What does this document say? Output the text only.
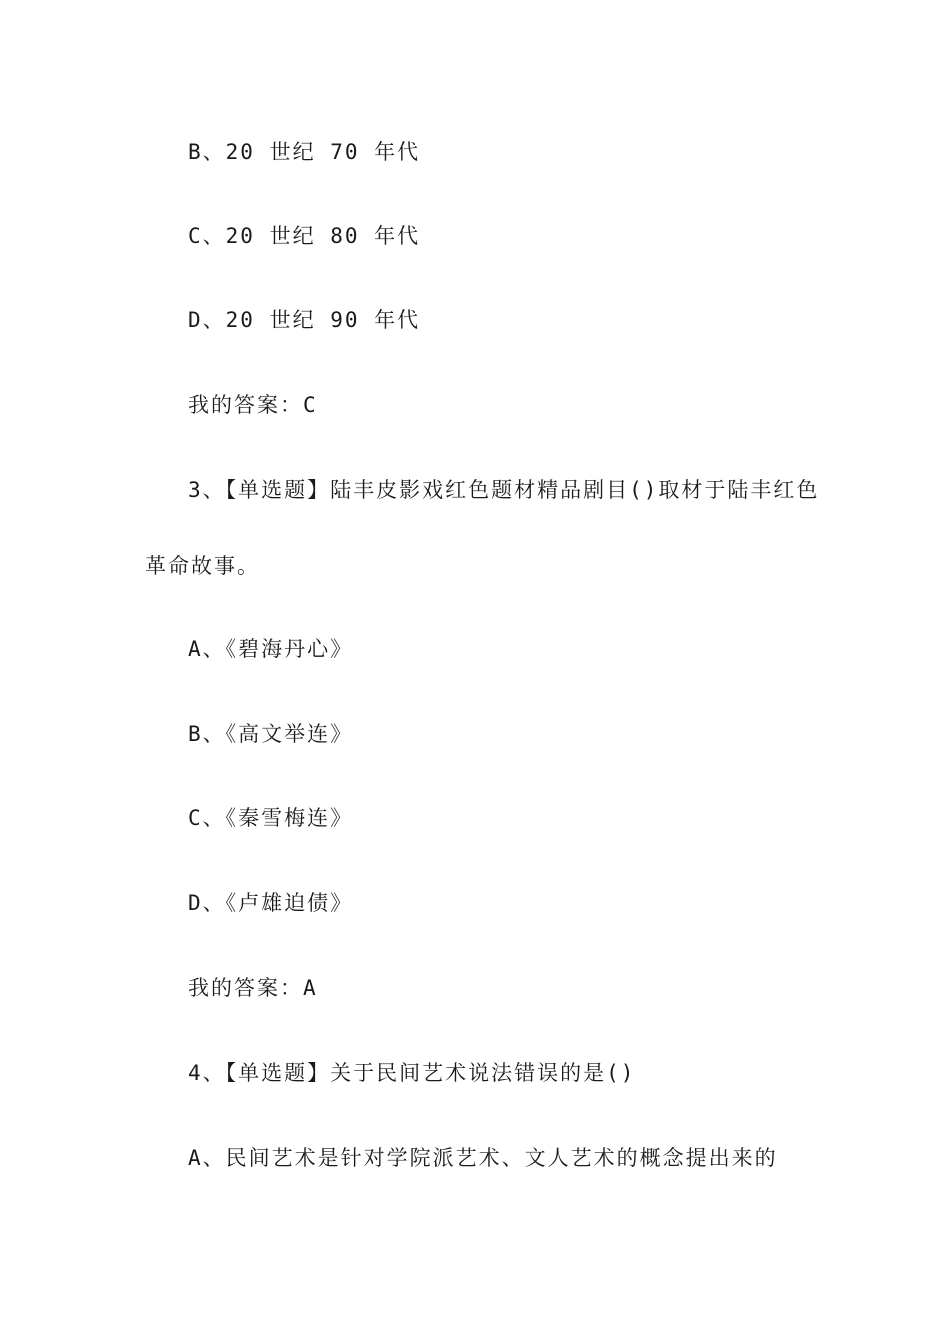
B、20 世纪 70 年代
C、20 世纪 80 年代
D、20 世纪 90 年代
我的答案：C
3、【单选题】陆丰皮影戏红色题材精品剧目()取材于陆丰红色
革命故事。
A、《碧海丹心》
B、《高文举连》
C、《秦雪梅连》
D、《卢雄迫债》
我的答案：A
4、【单选题】关于民间艺术说法错误的是()
A、民间艺术是针对学院派艺术、文人艺术的概念提出来的
